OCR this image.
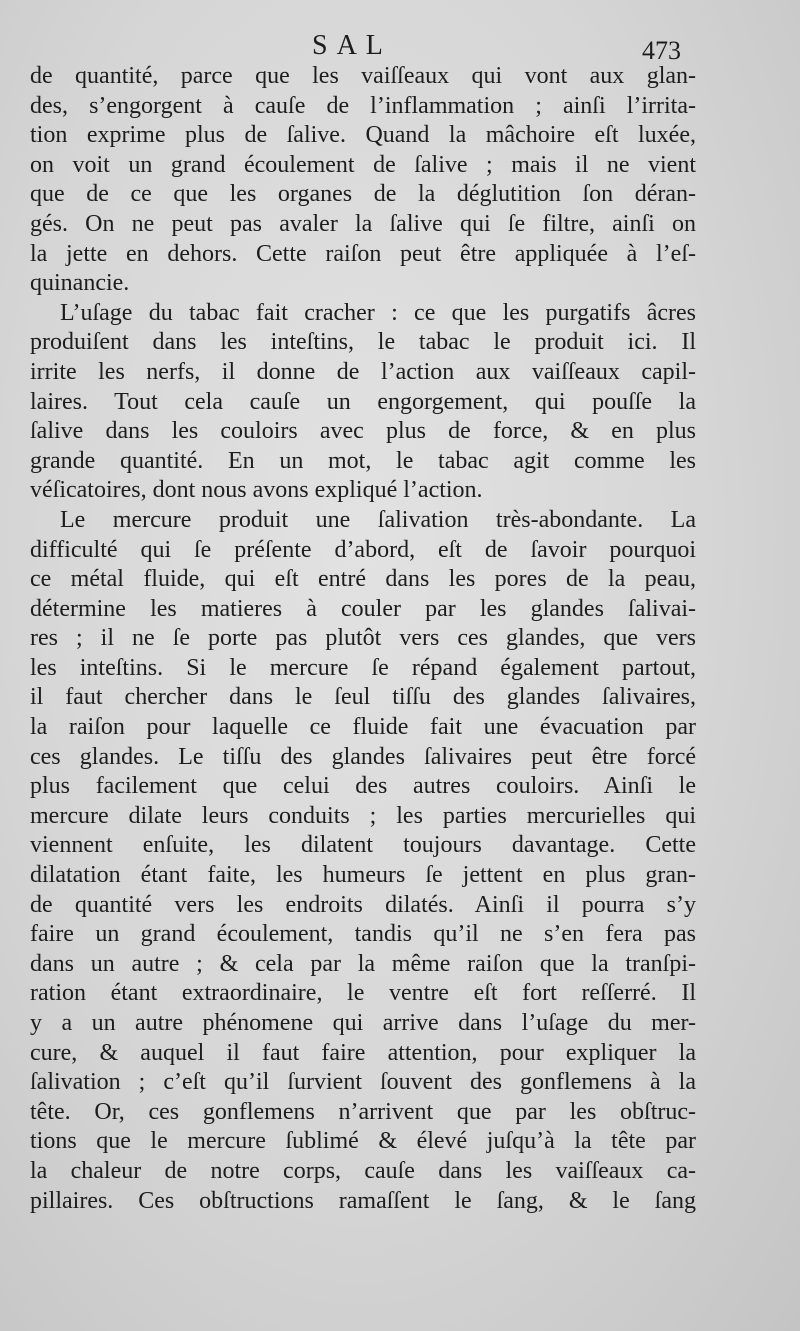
SAL	473
de quantité, parce que les vaiſſeaux qui vont aux glan-
des, s’engorgent à cauſe de l’inflammation ; ainſi l’irrita-
tion exprime plus de ſalive. Quand la mâchoire eſt luxée,
on voit un grand écoulement de ſalive ; mais il ne vient
que de ce que les organes de la déglutition ſon déran-
gés. On ne peut pas avaler la ſalive qui ſe filtre, ainſi on
la jette en dehors. Cette raiſon peut être appliquée à l’eſ-
quinancie.
L’uſage du tabac fait cracher : ce que les purgatifs âcres
produiſent dans les inteſtins, le tabac le produit ici. Il
irrite les nerfs, il donne de l’action aux vaiſſeaux capil-
laires. Tout cela cauſe un engorgement, qui pouſſe la
ſalive dans les couloirs avec plus de force, & en plus
grande quantité. En un mot, le tabac agit comme les
véſicatoires, dont nous avons expliqué l’action.
Le mercure produit une ſalivation très-abondante. La
difficulté qui ſe préſente d’abord, eſt de ſavoir pourquoi
ce métal fluide, qui eſt entré dans les pores de la peau,
détermine les matieres à couler par les glandes ſalivai-
res ; il ne ſe porte pas plutôt vers ces glandes, que vers
les inteſtins. Si le mercure ſe répand également partout,
il faut chercher dans le ſeul tiſſu des glandes ſalivaires,
la raiſon pour laquelle ce fluide fait une évacuation par
ces glandes. Le tiſſu des glandes ſalivaires peut être forcé
plus facilement que celui des autres couloirs. Ainſi le
mercure dilate leurs conduits ; les parties mercurielles qui
viennent enſuite, les dilatent toujours davantage. Cette
dilatation étant faite, les humeurs ſe jettent en plus gran-
de quantité vers les endroits dilatés. Ainſi il pourra s’y
faire un grand écoulement, tandis qu’il ne s’en fera pas
dans un autre ; & cela par la même raiſon que la tranſpi-
ration étant extraordinaire, le ventre eſt fort reſſerré. Il
y a un autre phénomene qui arrive dans l’uſage du mer-
cure, & auquel il faut faire attention, pour expliquer la
ſalivation ; c’eſt qu’il ſurvient ſouvent des gonflemens à la
tête. Or, ces gonflemens n’arrivent que par les obſtruc-
tions que le mercure ſublimé & élevé juſqu’à la tête par
la chaleur de notre corps, cauſe dans les vaiſſeaux ca-
pillaires. Ces obſtructions ramaſſent le ſang, & le ſang
